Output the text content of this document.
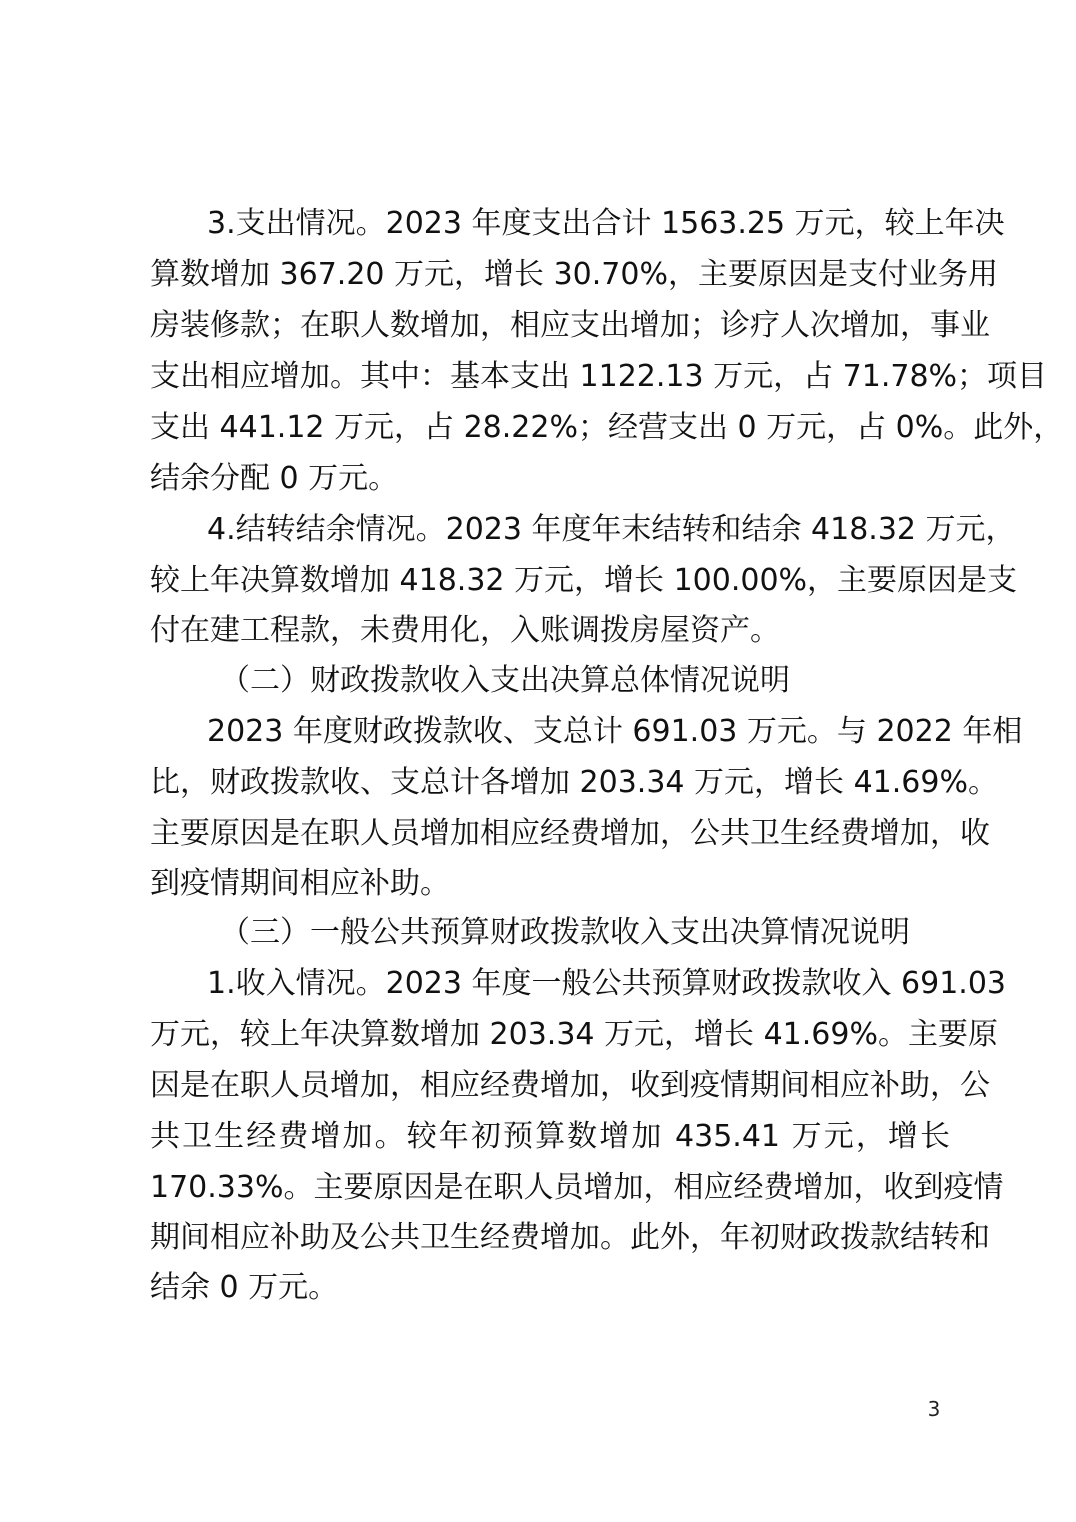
3.支出情况。2023 年度支出合计 1563.25 万元，较上年决
算数增加 367.20 万元，增长 30.70%，主要原因是支付业务用
房装修款；在职人数增加，相应支出增加；诊疗人次增加，事业
支出相应增加。其中：基本支出 1122.13 万元，占 71.78%；项目
支出 441.12 万元，占 28.22%；经营支出 0 万元，占 0%。此外，
结余分配 0 万元。
4.结转结余情况。2023 年度年末结转和结余 418.32 万元，
较上年决算数增加 418.32 万元，增长 100.00%，主要原因是支
付在建工程款，未费用化，入账调拨房屋资产。
（二）财政拨款收入支出决算总体情况说明
2023 年度财政拨款收、支总计 691.03 万元。与 2022 年相
比，财政拨款收、支总计各增加 203.34 万元，增长 41.69%。
主要原因是在职人员增加相应经费增加，公共卫生经费增加，收
到疫情期间相应补助。
（三）一般公共预算财政拨款收入支出决算情况说明
1.收入情况。2023 年度一般公共预算财政拨款收入 691.03
万元，较上年决算数增加 203.34 万元，增长 41.69%。主要原
因是在职人员增加，相应经费增加，收到疫情期间相应补助，公
共卫生经费增加。较年初预算数增加 435.41 万元，增长
170.33%。主要原因是在职人员增加，相应经费增加，收到疫情
期间相应补助及公共卫生经费增加。此外，年初财政拨款结转和
结余 0 万元。
3
